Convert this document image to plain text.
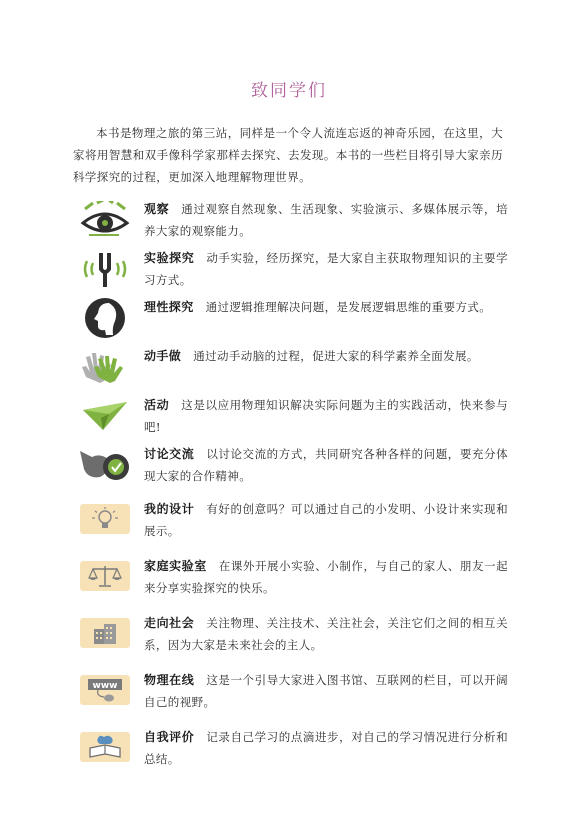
致同学们
本书是物理之旅的第三站，同样是一个令人流连忘返的神奇乐园，在这里，大家将用智慧和双手像科学家那样去探究、去发现。本书的一些栏目将引导大家亲历科学探究的过程，更加深入地理解物理世界。
观察 通过观察自然现象、生活现象、实验演示、多媒体展示等，培养大家的观察能力。
实验探究 动手实验，经历探究，是大家自主获取物理知识的主要学习方式。
理性探究 通过逻辑推理解决问题，是发展逻辑思维的重要方式。
动手做 通过动手动脑的过程，促进大家的科学素养全面发展。
活动 这是以应用物理知识解决实际问题为主的实践活动，快来参与吧!
讨论交流 以讨论交流的方式，共同研究各种各样的问题，要充分体现大家的合作精神。
我的设计 有好的创意吗？可以通过自己的小发明、小设计来实现和展示。
家庭实验室 在课外开展小实验、小制作，与自己的家人、朋友一起来分享实验探究的快乐。
走向社会 关注物理、关注技术、关注社会，关注它们之间的相互关系，因为大家是未来社会的主人。
www 物理在线 这是一个引导大家进入图书馆、互联网的栏目，可以开阔自己的视野。
自我评价 记录自己学习的点滴进步，对自己的学习情况进行分析和总结。
